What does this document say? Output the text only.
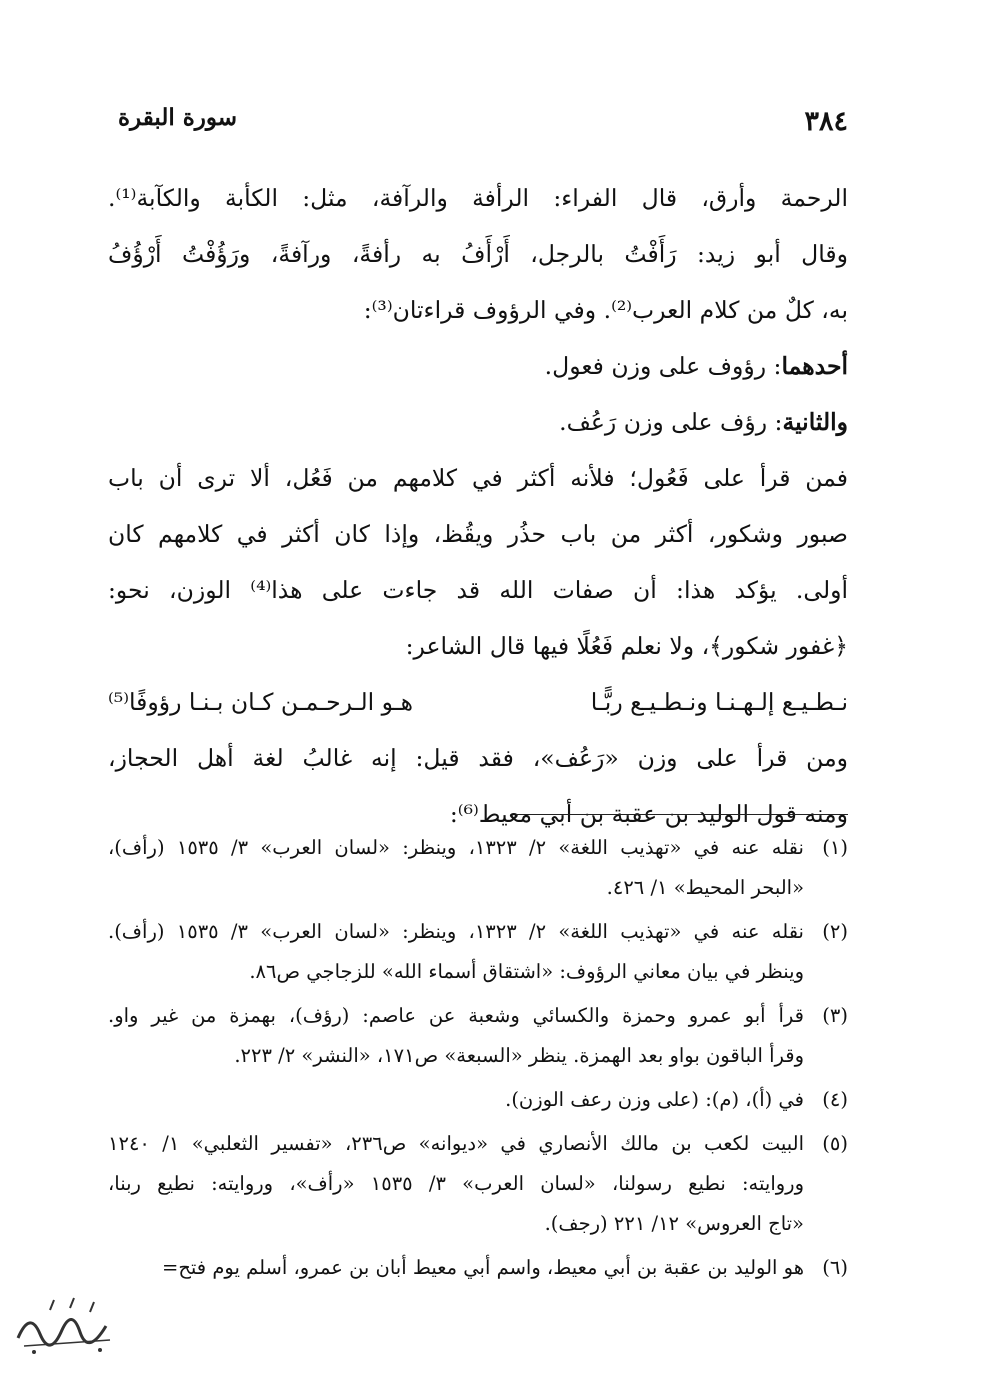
٣٨٤
سورة البقرة
الرحمة وأرق، قال الفراء: الرأفة والرآفة، مثل: الكأبة والكآبة⁽¹⁾.
وقال أبو زيد: رَأَفْتُ بالرجل، أَرْأَفُ به رأفةً، ورآفةً، ورَؤُفْتُ أَرْؤُفُ
به، كلٌ من كلام العرب⁽²⁾. وفي الرؤوف قراءتان⁽³⁾:
أحدهما: رؤوف على وزن فعول.
والثانية: رؤف على وزن رَعُف.
فمن قرأ على فَعُول؛ فلأنه أكثر في كلامهم من فَعُل، ألا ترى أن باب
صبور وشكور، أكثر من باب حذُر ويقُظ، وإذا كان أكثر في كلامهم كان
أولى. يؤكد هذا: أن صفات الله قد جاءت على هذا⁽⁴⁾ الوزن، نحو:
﴿غفور شكور﴾، ولا نعلم فَعُلًا فيها قال الشاعر:
نـطـيـع إلـهـنـا ونـطـيـع ربًّـا
هـو الـرحـمـن كـان بـنـا رؤوفًا⁽⁵⁾
ومن قرأ على وزن «رَعُف»، فقد قيل: إنه غالبُ لغة أهل الحجاز،
ومنه قول الوليد بن عقبة بن أبي معيط⁽⁶⁾:
(١)
نقله عنه في «تهذيب اللغة» ٢/ ١٣٢٣، وينظر: «لسان العرب» ٣/ ١٥٣٥ (رأف)،
«البحر المحيط» ١/ ٤٢٦.
(٢)
نقله عنه في «تهذيب اللغة» ٢/ ١٣٢٣، وينظر: «لسان العرب» ٣/ ١٥٣٥ (رأف).
وينظر في بيان معاني الرؤوف: «اشتقاق أسماء الله» للزجاجي ص٨٦.
(٣)
قرأ أبو عمرو وحمزة والكسائي وشعبة عن عاصم: (رؤف)، بهمزة من غير واو.
وقرأ الباقون بواو بعد الهمزة. ينظر «السبعة» ص١٧١، «النشر» ٢/ ٢٢٣.
(٤)
في (أ)، (م): (على وزن رعف الوزن).
(٥)
البيت لكعب بن مالك الأنصاري في «ديوانه» ص٢٣٦، «تفسير الثعلبي» ١/ ١٢٤٠
وروايته: نطيع رسولنا، «لسان العرب» ٣/ ١٥٣٥ «رأف»، وروايته: نطيع ربنا،
«تاج العروس» ١٢/ ٢٢١ (رجف).
(٦)
هو الوليد بن عقبة بن أبي معيط، واسم أبي معيط أبان بن عمرو، أسلم يوم فتح=
